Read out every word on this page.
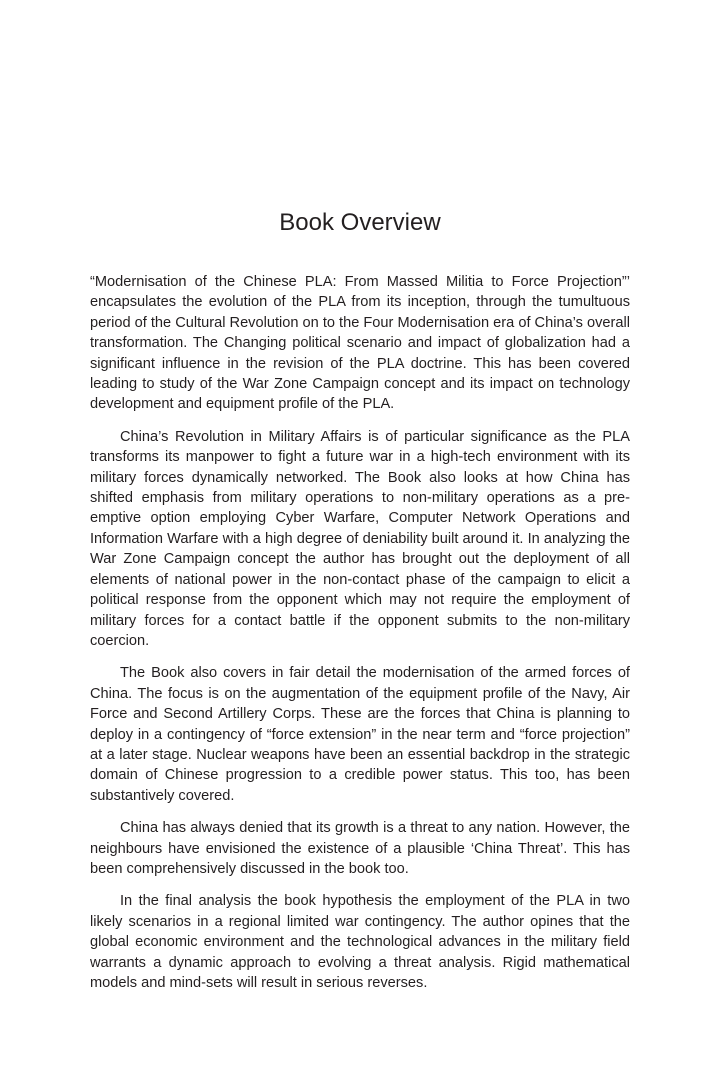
Book Overview

“Modernisation of the Chinese PLA: From Massed Militia to Force Projection”’ encapsulates the evolution of the PLA from its inception, through the tumultuous period of the Cultural Revolution on to the Four Modernisation era of China’s overall transformation. The Changing political scenario and impact of globalization had a significant influence in the revision of the PLA doctrine. This has been covered leading to study of the War Zone Campaign concept and its impact on technology development and equipment profile of the PLA.

China’s Revolution in Military Affairs is of particular significance as the PLA transforms its manpower to fight a future war in a high-tech environment with its military forces dynamically networked. The Book also looks at how China has shifted emphasis from military operations to non-military operations as a pre-emptive option employing Cyber Warfare, Computer Network Operations and Information Warfare with a high degree of deniability built around it. In analyzing the War Zone Campaign concept the author has brought out the deployment of all elements of national power in the non-contact phase of the campaign to elicit a political response from the opponent which may not require the employment of military forces for a contact battle if the opponent submits to the non-military coercion.

The Book also covers in fair detail the modernisation of the armed forces of China. The focus is on the augmentation of the equipment profile of the Navy, Air Force and Second Artillery Corps. These are the forces that China is planning to deploy in a contingency of “force extension” in the near term and “force projection” at a later stage. Nuclear weapons have been an essential backdrop in the strategic domain of Chinese progression to a credible power status. This too, has been substantively covered.

China has always denied that its growth is a threat to any nation. However, the neighbours have envisioned the existence of a plausible ‘China Threat’. This has been comprehensively discussed in the book too.

In the final analysis the book hypothesis the employment of the PLA in two likely scenarios in a regional limited war contingency. The author opines that the global economic environment and the technological advances in the military field warrants a dynamic approach to evolving a threat analysis. Rigid mathematical models and mind-sets will result in serious reverses.
